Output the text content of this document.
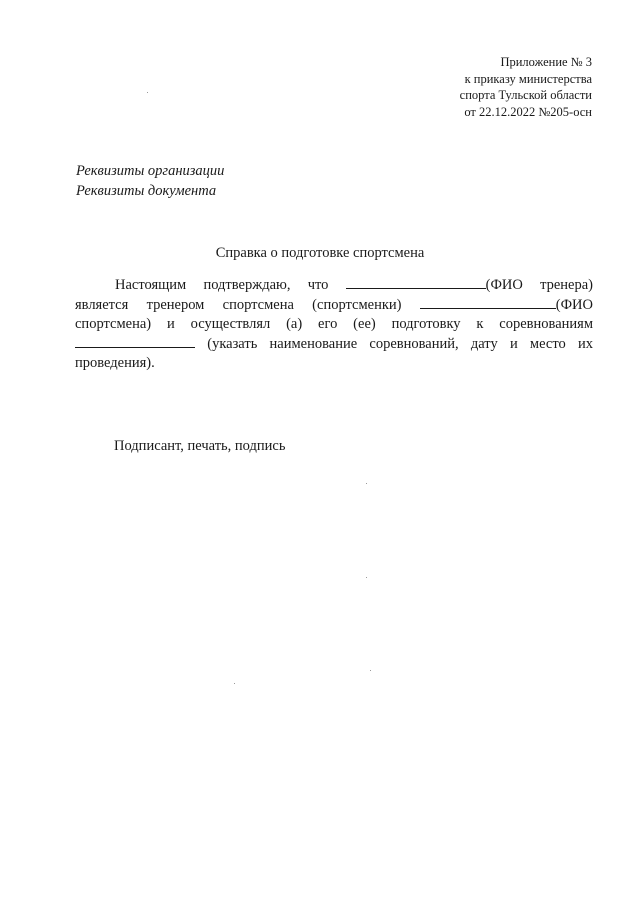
Приложение № 3
к приказу министерства
спорта Тульской области
от 22.12.2022 №205-осн
Реквизиты организации
Реквизиты документа
Справка о подготовке спортсмена
Настоящим подтверждаю, что	(ФИО тренера) является тренером спортсмена (спортсменки)	(ФИО спортсмена) и осуществлял (а) его (ее) подготовку к соревнованиям  (указать наименование соревнований, дату и место их проведения).
Подписант, печать, подпись
